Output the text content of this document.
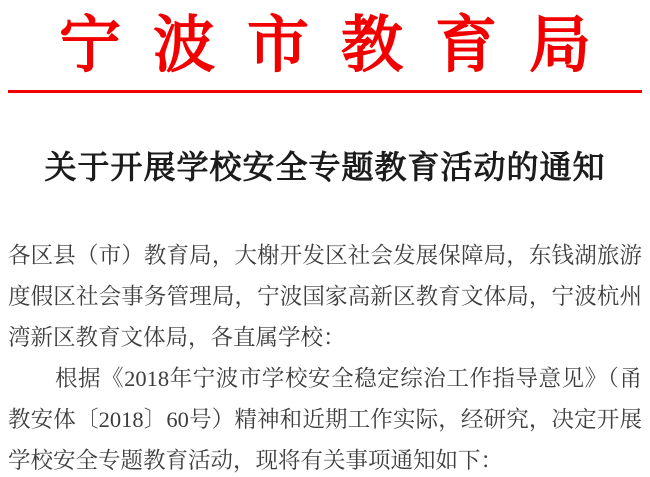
宁波市教育局
关于开展学校安全专题教育活动的通知

各区县（市）教育局，大榭开发区社会发展保障局，东钱湖旅游

度假区社会事务管理局，宁波国家高新区教育文体局，宁波杭州

湾新区教育文体局，各直属学校：

根据《2018年宁波市学校安全稳定综治工作指导意见》（甬

教安体〔2018〕60号）精神和近期工作实际，经研究，决定开展

学校安全专题教育活动，现将有关事项通知如下：
